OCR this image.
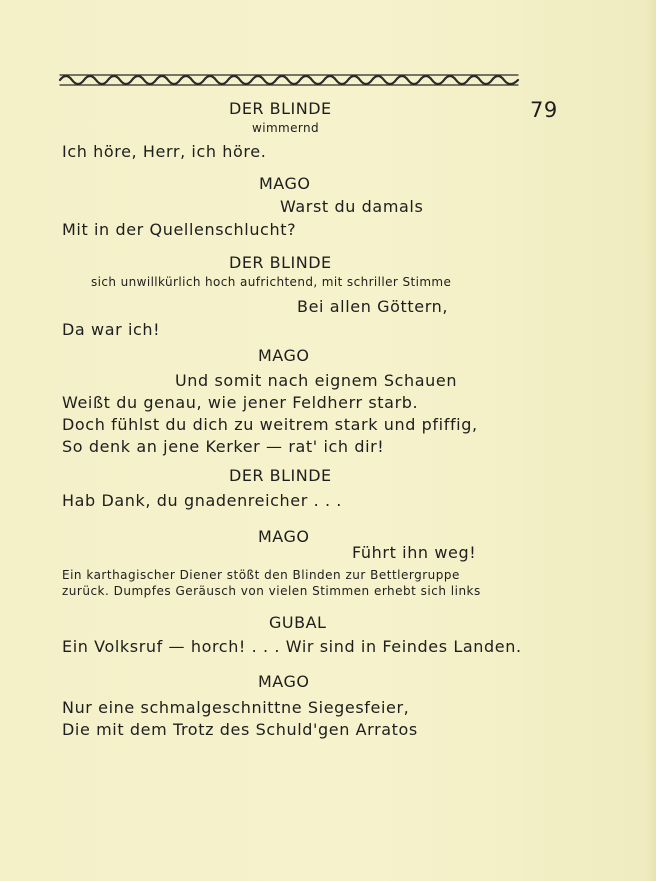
79
DER BLINDE
wimmernd
Ich höre, Herr, ich höre.
MAGO
Warst du damals
Mit in der Quellenschlucht?
DER BLINDE
sich unwillkürlich hoch aufrichtend, mit schriller Stimme
Bei allen Göttern,
Da war ich!
MAGO
Und somit nach eignem Schauen
Weißt du genau, wie jener Feldherr starb.
Doch fühlst du dich zu weitrem stark und pfiffig,
So denk an jene Kerker — rat' ich dir!
DER BLINDE
Hab Dank, du gnadenreicher . . .
MAGO
Führt ihn weg!
Ein karthagischer Diener stößt den Blinden zur Bettlergruppe
zurück. Dumpfes Geräusch von vielen Stimmen erhebt sich links
GUBAL
Ein Volksruf — horch! . . . Wir sind in Feindes Landen.
MAGO
Nur eine schmalgeschnittne Siegesfeier,
Die mit dem Trotz des Schuld'gen Arratos
